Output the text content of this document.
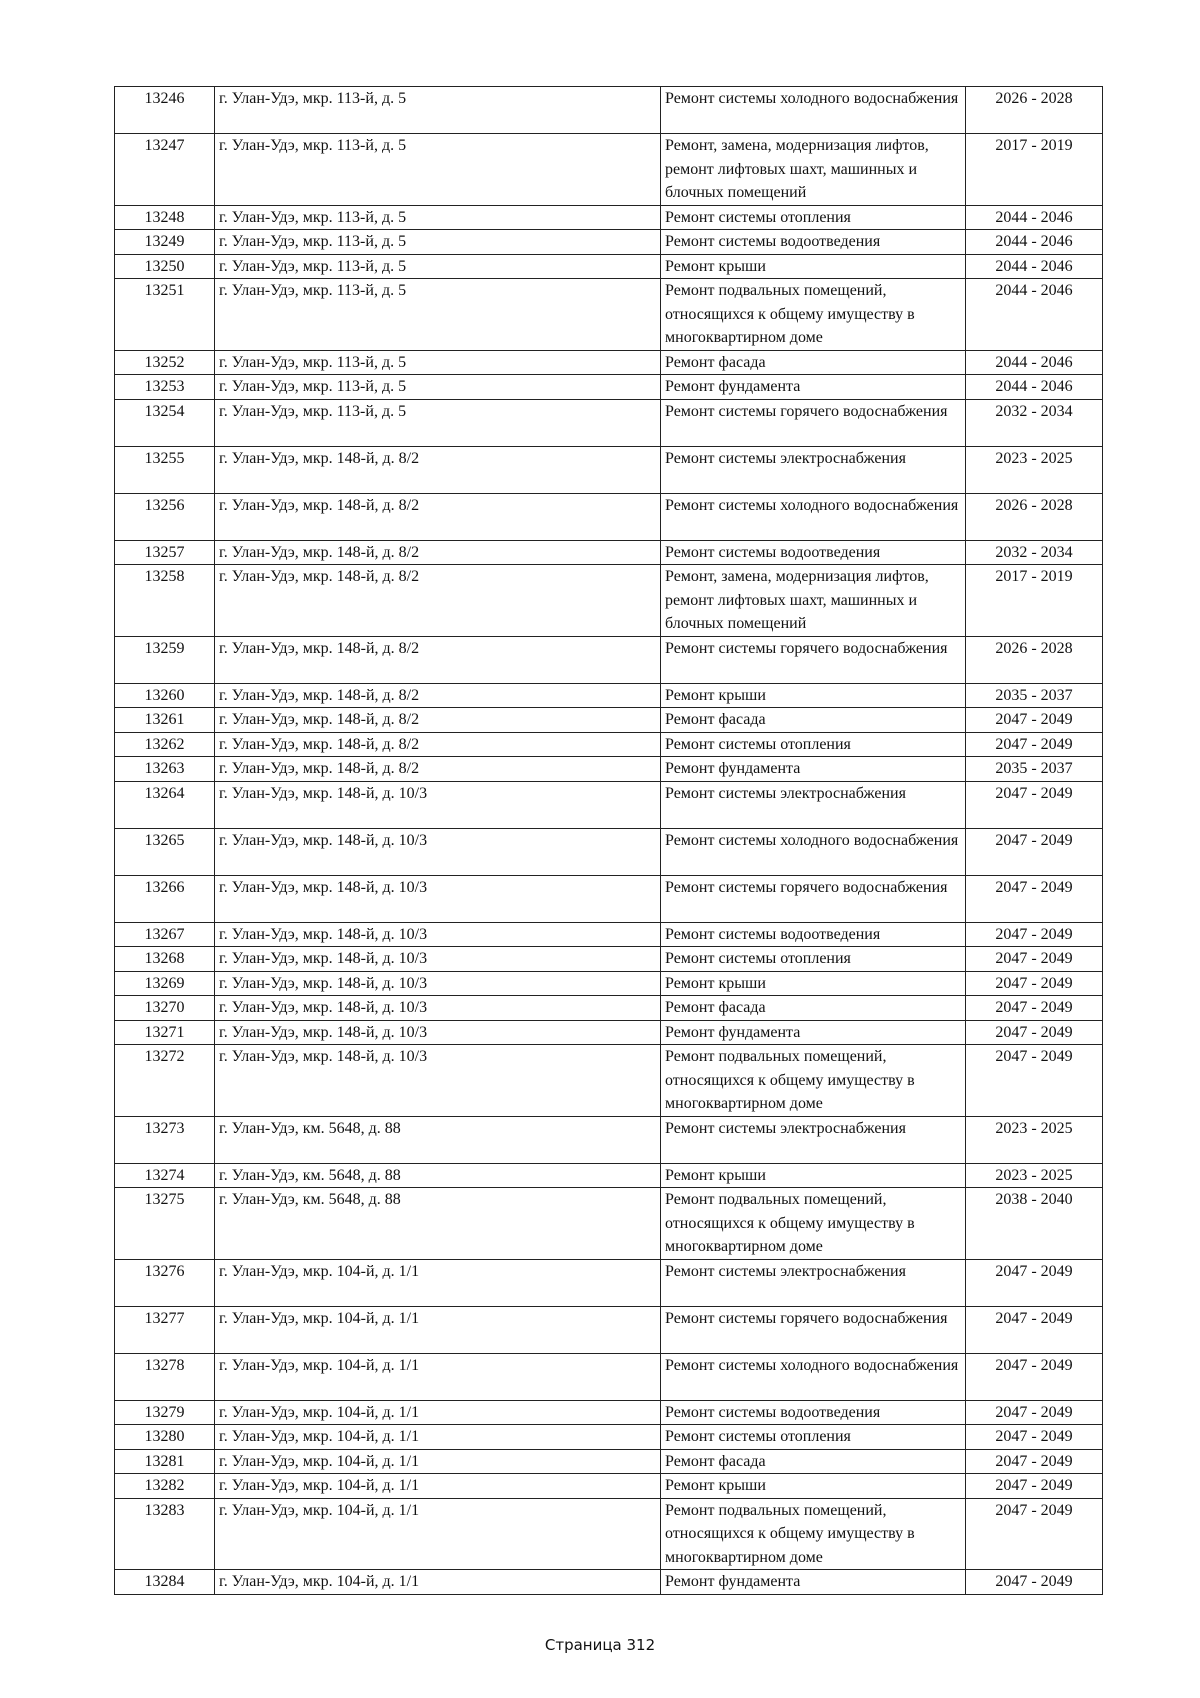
13246	г. Улан-Удэ, мкр. 113-й, д. 5	Ремонт системы холодного водоснабжения	2026 - 2028
13247	г. Улан-Удэ, мкр. 113-й, д. 5	Ремонт, замена, модернизация лифтов, ремонт лифтовых шахт, машинных и блочных помещений	2017 - 2019
13248	г. Улан-Удэ, мкр. 113-й, д. 5	Ремонт системы отопления	2044 - 2046
13249	г. Улан-Удэ, мкр. 113-й, д. 5	Ремонт системы водоотведения	2044 - 2046
13250	г. Улан-Удэ, мкр. 113-й, д. 5	Ремонт крыши	2044 - 2046
13251	г. Улан-Удэ, мкр. 113-й, д. 5	Ремонт подвальных помещений, относящихся к общему имуществу в многоквартирном доме	2044 - 2046
13252	г. Улан-Удэ, мкр. 113-й, д. 5	Ремонт фасада	2044 - 2046
13253	г. Улан-Удэ, мкр. 113-й, д. 5	Ремонт фундамента	2044 - 2046
13254	г. Улан-Удэ, мкр. 113-й, д. 5	Ремонт системы горячего водоснабжения	2032 - 2034
13255	г. Улан-Удэ, мкр. 148-й, д. 8/2	Ремонт системы электроснабжения	2023 - 2025
13256	г. Улан-Удэ, мкр. 148-й, д. 8/2	Ремонт системы холодного водоснабжения	2026 - 2028
13257	г. Улан-Удэ, мкр. 148-й, д. 8/2	Ремонт системы водоотведения	2032 - 2034
13258	г. Улан-Удэ, мкр. 148-й, д. 8/2	Ремонт, замена, модернизация лифтов, ремонт лифтовых шахт, машинных и блочных помещений	2017 - 2019
13259	г. Улан-Удэ, мкр. 148-й, д. 8/2	Ремонт системы горячего водоснабжения	2026 - 2028
13260	г. Улан-Удэ, мкр. 148-й, д. 8/2	Ремонт крыши	2035 - 2037
13261	г. Улан-Удэ, мкр. 148-й, д. 8/2	Ремонт фасада	2047 - 2049
13262	г. Улан-Удэ, мкр. 148-й, д. 8/2	Ремонт системы отопления	2047 - 2049
13263	г. Улан-Удэ, мкр. 148-й, д. 8/2	Ремонт фундамента	2035 - 2037
13264	г. Улан-Удэ, мкр. 148-й, д. 10/3	Ремонт системы электроснабжения	2047 - 2049
13265	г. Улан-Удэ, мкр. 148-й, д. 10/3	Ремонт системы холодного водоснабжения	2047 - 2049
13266	г. Улан-Удэ, мкр. 148-й, д. 10/3	Ремонт системы горячего водоснабжения	2047 - 2049
13267	г. Улан-Удэ, мкр. 148-й, д. 10/3	Ремонт системы водоотведения	2047 - 2049
13268	г. Улан-Удэ, мкр. 148-й, д. 10/3	Ремонт системы отопления	2047 - 2049
13269	г. Улан-Удэ, мкр. 148-й, д. 10/3	Ремонт крыши	2047 - 2049
13270	г. Улан-Удэ, мкр. 148-й, д. 10/3	Ремонт фасада	2047 - 2049
13271	г. Улан-Удэ, мкр. 148-й, д. 10/3	Ремонт фундамента	2047 - 2049
13272	г. Улан-Удэ, мкр. 148-й, д. 10/3	Ремонт подвальных помещений, относящихся к общему имуществу в многоквартирном доме	2047 - 2049
13273	г. Улан-Удэ, км. 5648, д. 88	Ремонт системы электроснабжения	2023 - 2025
13274	г. Улан-Удэ, км. 5648, д. 88	Ремонт крыши	2023 - 2025
13275	г. Улан-Удэ, км. 5648, д. 88	Ремонт подвальных помещений, относящихся к общему имуществу в многоквартирном доме	2038 - 2040
13276	г. Улан-Удэ, мкр. 104-й, д. 1/1	Ремонт системы электроснабжения	2047 - 2049
13277	г. Улан-Удэ, мкр. 104-й, д. 1/1	Ремонт системы горячего водоснабжения	2047 - 2049
13278	г. Улан-Удэ, мкр. 104-й, д. 1/1	Ремонт системы холодного водоснабжения	2047 - 2049
13279	г. Улан-Удэ, мкр. 104-й, д. 1/1	Ремонт системы водоотведения	2047 - 2049
13280	г. Улан-Удэ, мкр. 104-й, д. 1/1	Ремонт системы отопления	2047 - 2049
13281	г. Улан-Удэ, мкр. 104-й, д. 1/1	Ремонт фасада	2047 - 2049
13282	г. Улан-Удэ, мкр. 104-й, д. 1/1	Ремонт крыши	2047 - 2049
13283	г. Улан-Удэ, мкр. 104-й, д. 1/1	Ремонт подвальных помещений, относящихся к общему имуществу в многоквартирном доме	2047 - 2049
13284	г. Улан-Удэ, мкр. 104-й, д. 1/1	Ремонт фундамента	2047 - 2049
Страница 312
